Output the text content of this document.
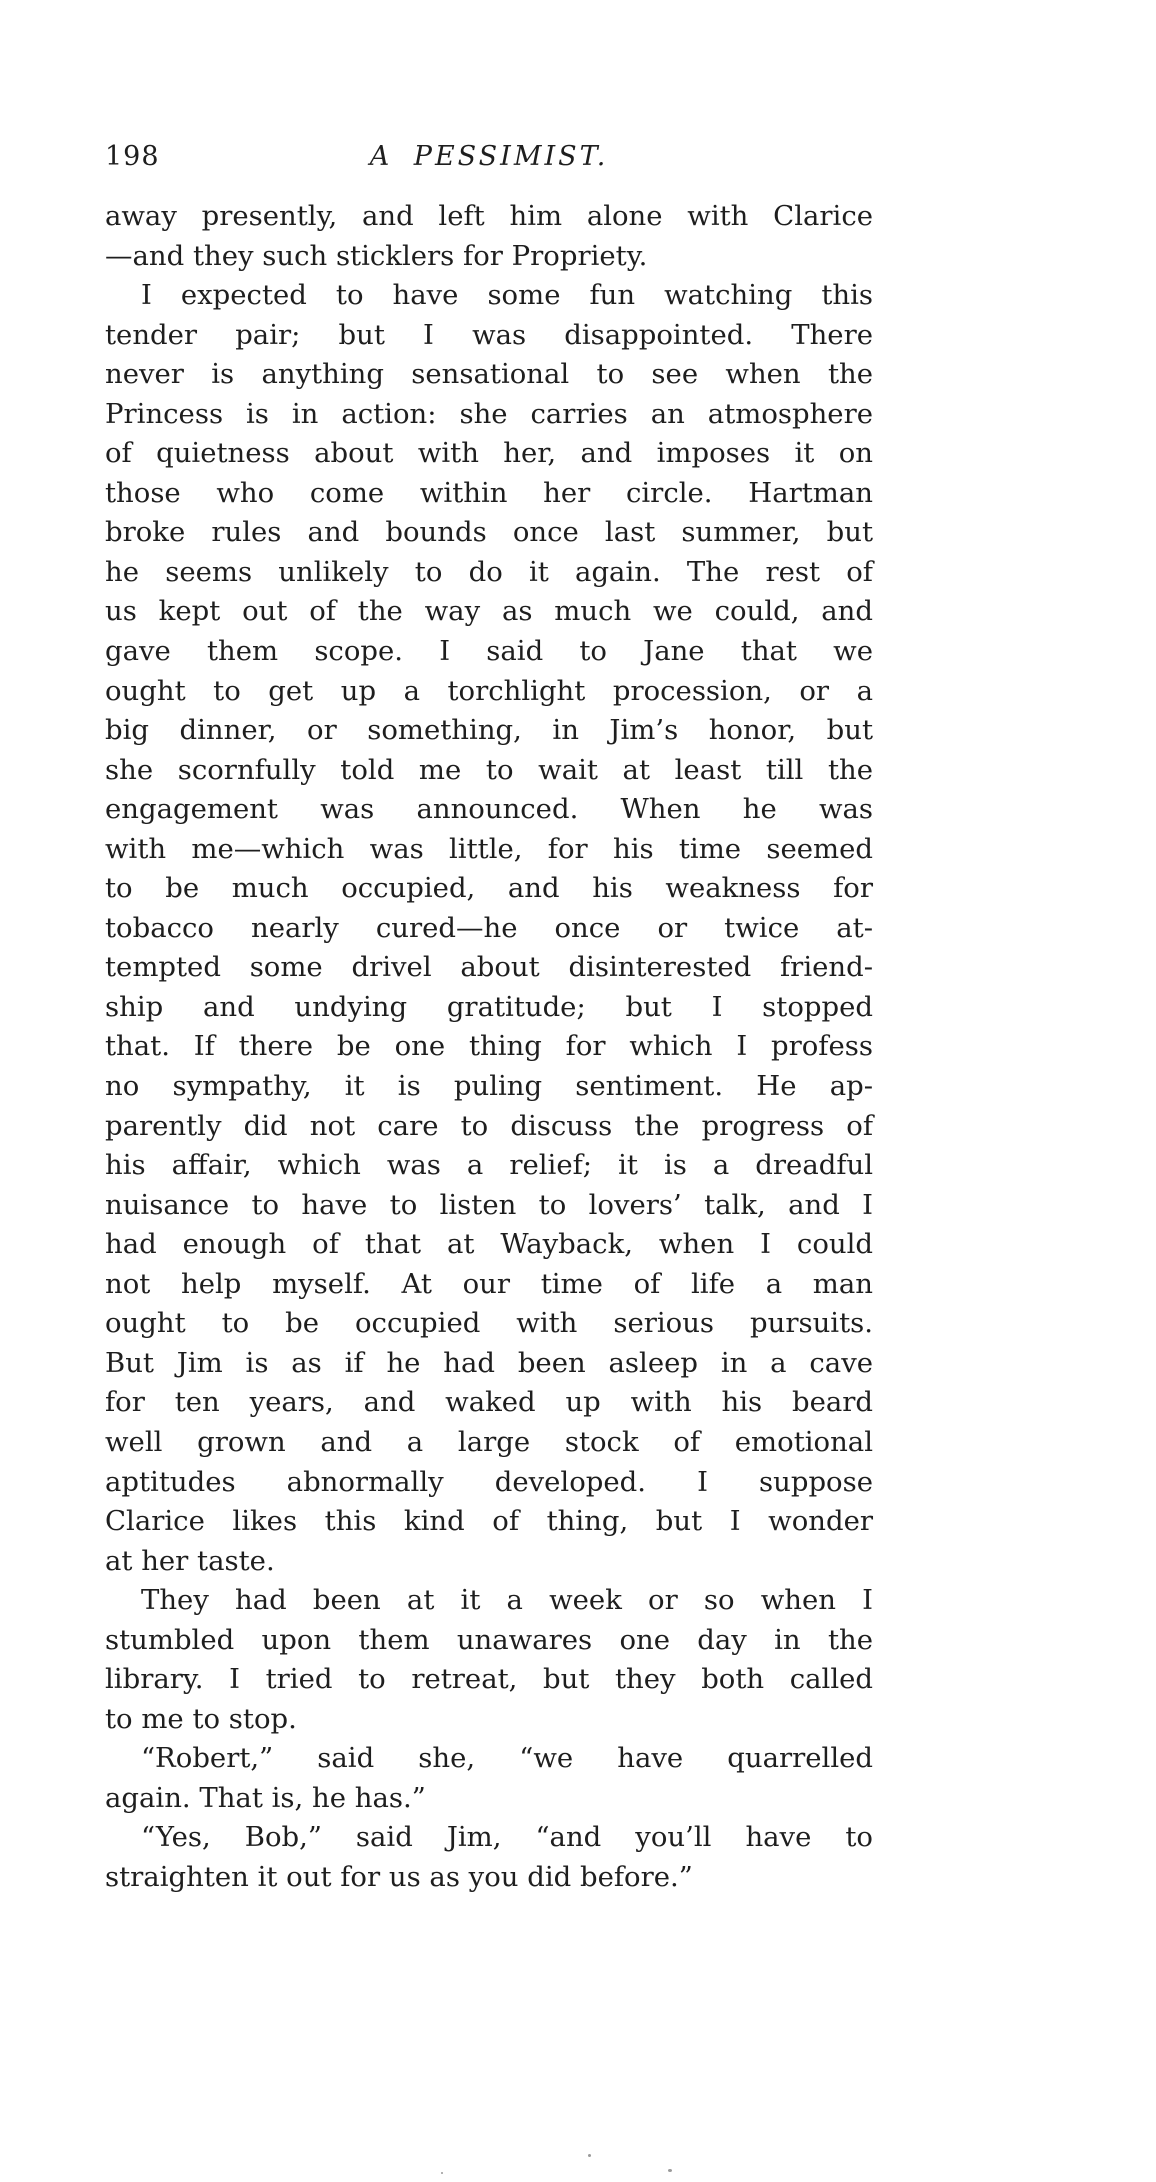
198	A PESSIMIST.
away presently, and left him alone with Clarice
—and they such sticklers for Propriety.
I expected to have some fun watching this
tender pair; but I was disappointed. There
never is anything sensational to see when the
Princess is in action: she carries an atmosphere
of quietness about with her, and imposes it on
those who come within her circle. Hartman
broke rules and bounds once last summer, but
he seems unlikely to do it again. The rest of
us kept out of the way as much we could, and
gave them scope. I said to Jane that we
ought to get up a torchlight procession, or a
big dinner, or something, in Jim’s honor, but
she scornfully told me to wait at least till the
engagement was announced. When he was
with me—which was little, for his time seemed
to be much occupied, and his weakness for
tobacco nearly cured—he once or twice at-
tempted some drivel about disinterested friend-
ship and undying gratitude; but I stopped
that. If there be one thing for which I profess
no sympathy, it is puling sentiment. He ap-
parently did not care to discuss the progress of
his affair, which was a relief; it is a dreadful
nuisance to have to listen to lovers’ talk, and I
had enough of that at Wayback, when I could
not help myself. At our time of life a man
ought to be occupied with serious pursuits.
But Jim is as if he had been asleep in a cave
for ten years, and waked up with his beard
well grown and a large stock of emotional
aptitudes abnormally developed. I suppose
Clarice likes this kind of thing, but I wonder
at her taste.
They had been at it a week or so when I
stumbled upon them unawares one day in the
library. I tried to retreat, but they both called
to me to stop.
“Robert,” said she, “we have quarrelled
again. That is, he has.”
“Yes, Bob,” said Jim, “and you’ll have to
straighten it out for us as you did before.”
